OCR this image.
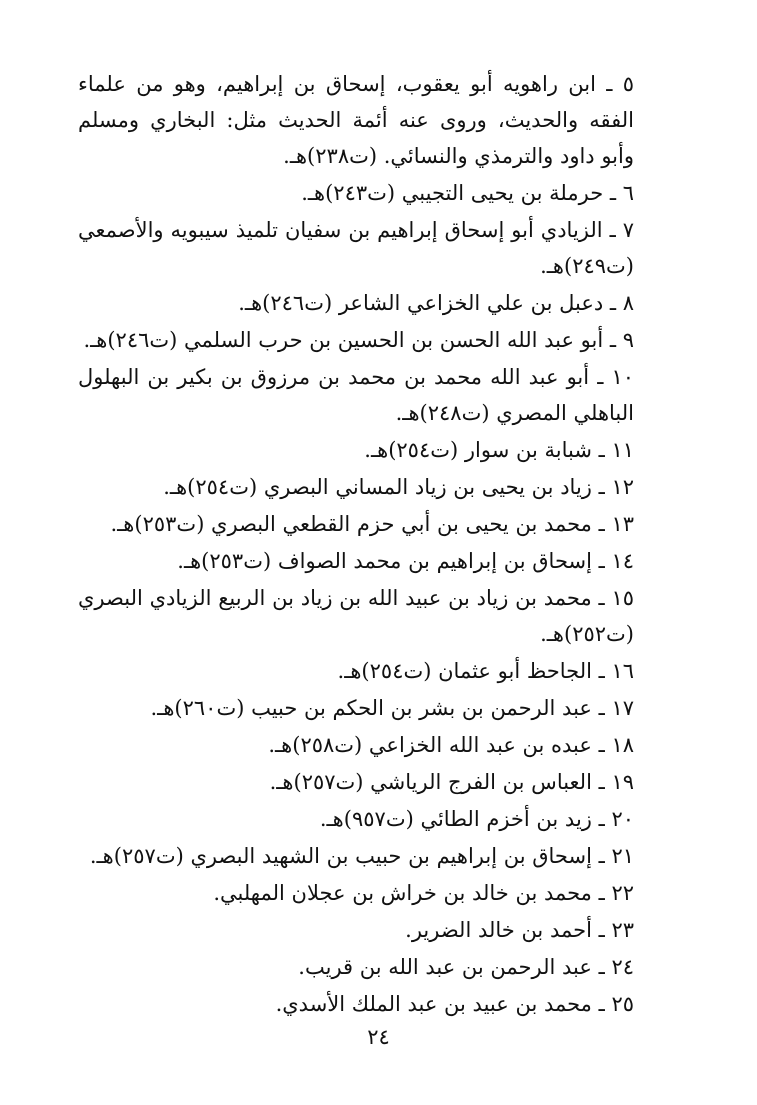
٥ ـ ابن راهويه أبو يعقوب، إسحاق بن إبراهيم، وهو من علماء الفقه والحديث، وروى عنه أئمة الحديث مثل: البخاري ومسلم وأبو داود والترمذي والنسائي. (ت٢٣٨)هـ.
٦ ـ حرملة بن يحيى التجيبي (ت٢٤٣)هـ.
٧ ـ الزيادي أبو إسحاق إبراهيم بن سفيان تلميذ سيبويه والأصمعي (ت٢٤٩)هـ.
٨ ـ دعبل بن علي الخزاعي الشاعر (ت٢٤٦)هـ.
٩ ـ أبو عبد الله الحسن بن الحسين بن حرب السلمي (ت٢٤٦)هـ.
١٠ ـ أبو عبد الله محمد بن محمد بن مرزوق بن بكير بن البهلول الباهلي المصري (ت٢٤٨)هـ.
١١ ـ شبابة بن سوار (ت٢٥٤)هـ.
١٢ ـ زياد بن يحيى بن زياد المساني البصري (ت٢٥٤)هـ.
١٣ ـ محمد بن يحيى بن أبي حزم القطعي البصري (ت٢٥٣)هـ.
١٤ ـ إسحاق بن إبراهيم بن محمد الصواف (ت٢٥٣)هـ.
١٥ ـ محمد بن زياد بن عبيد الله بن زياد بن الربيع الزيادي البصري (ت٢٥٢)هـ.
١٦ ـ الجاحظ أبو عثمان (ت٢٥٤)هـ.
١٧ ـ عبد الرحمن بن بشر بن الحكم بن حبيب (ت٢٦٠)هـ.
١٨ ـ عبده بن عبد الله الخزاعي (ت٢٥٨)هـ.
١٩ ـ العباس بن الفرج الرياشي (ت٢٥٧)هـ.
٢٠ ـ زيد بن أخزم الطائي (ت٩٥٧)هـ.
٢١ ـ إسحاق بن إبراهيم بن حبيب بن الشهيد البصري (ت٢٥٧)هـ.
٢٢ ـ محمد بن خالد بن خراش بن عجلان المهلبي.
٢٣ ـ أحمد بن خالد الضرير.
٢٤ ـ عبد الرحمن بن عبد الله بن قريب.
٢٥ ـ محمد بن عبيد بن عبد الملك الأسدي.
٢٤
